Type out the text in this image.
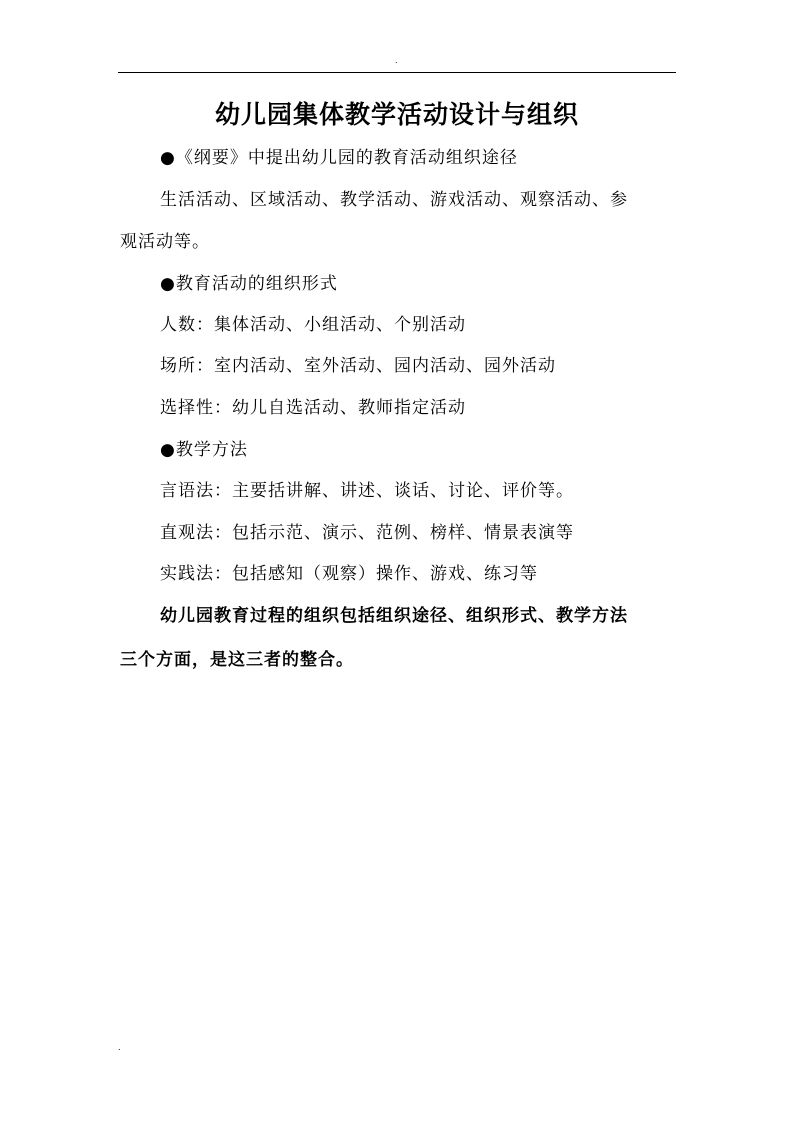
.
幼儿园集体教学活动设计与组织
●《纲要》中提出幼儿园的教育活动组织途径
生活活动、区域活动、教学活动、游戏活动、观察活动、参
观活动等。
●教育活动的组织形式
人数：集体活动、小组活动、个别活动
场所：室内活动、室外活动、园内活动、园外活动
选择性：幼儿自选活动、教师指定活动
●教学方法
言语法：主要括讲解、讲述、谈话、讨论、评价等。
直观法：包括示范、演示、范例、榜样、情景表演等
实践法：包括感知（观察）操作、游戏、练习等
幼儿园教育过程的组织包括组织途径、组织形式、教学方法
三个方面，是这三者的整合。
.
